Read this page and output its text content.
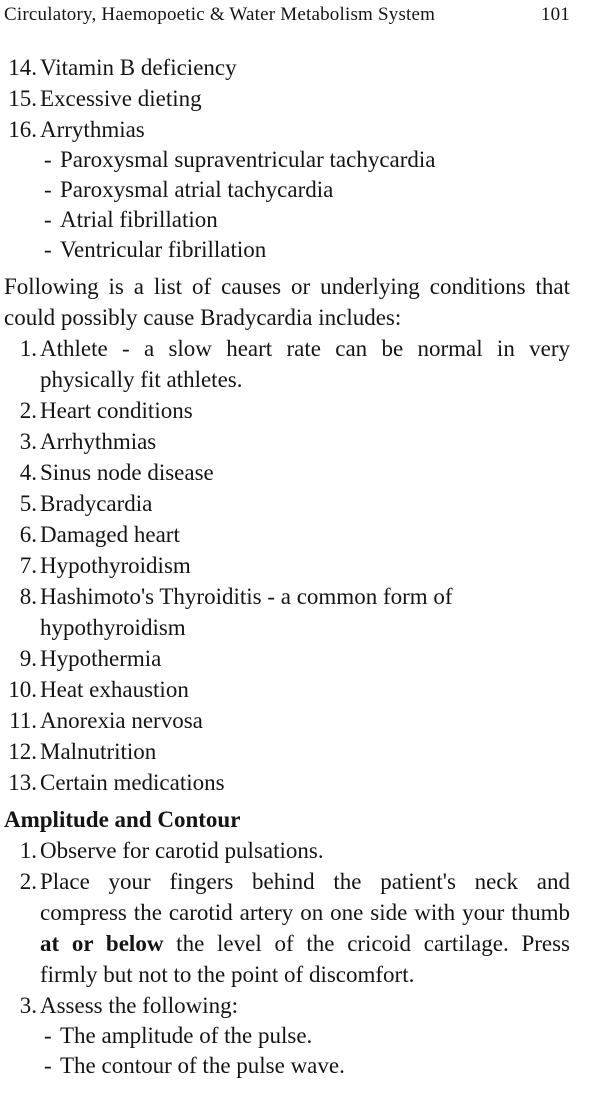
Circulatory, Haemopoetic & Water Metabolism System	101
14. Vitamin B deficiency
15. Excessive dieting
16. Arrythmias
- Paroxysmal supraventricular tachycardia
- Paroxysmal atrial tachycardia
- Atrial fibrillation
- Ventricular fibrillation

Following is a list of causes or underlying conditions that could possibly cause Bradycardia includes:

1. Athlete - a slow heart rate can be normal in very physically fit athletes.
2. Heart conditions
3. Arrhythmias
4. Sinus node disease
5. Bradycardia
6. Damaged heart
7. Hypothyroidism
8. Hashimoto's Thyroiditis - a common form of hypothyroidism
9. Hypothermia
10. Heat exhaustion
11. Anorexia nervosa
12. Malnutrition
13. Certain medications
Amplitude and Contour
1. Observe for carotid pulsations.
2. Place your fingers behind the patient's neck and compress the carotid artery on one side with your thumb at or below the level of the cricoid cartilage. Press firmly but not to the point of discomfort.
3. Assess the following:
- The amplitude of the pulse.
- The contour of the pulse wave.
